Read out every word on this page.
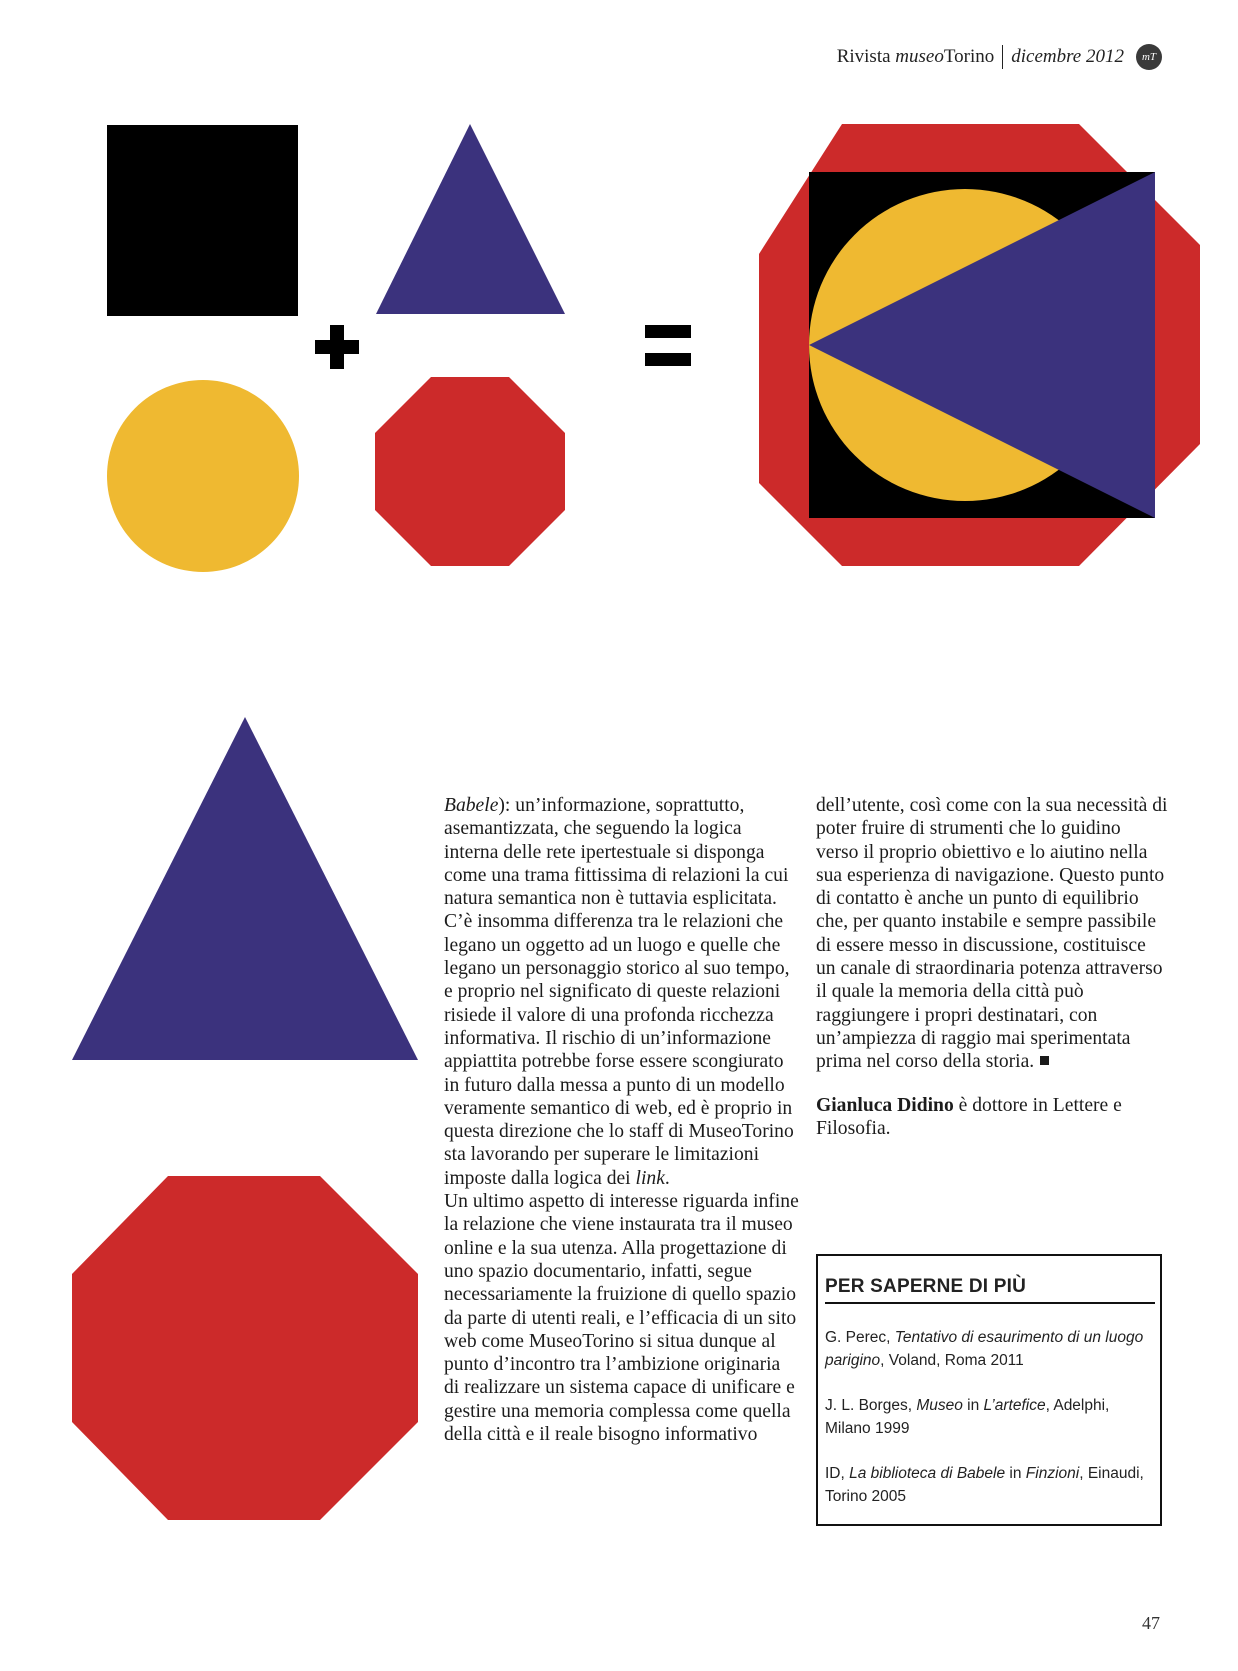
Rivista museoTorino dicembre 2012	mT

Babele): un’informazione, soprattutto, asemantizzata, che seguendo la logica interna delle rete ipertestuale si disponga come una trama fittissima di relazioni la cui natura semantica non è tuttavia esplicitata. C’è insomma differenza tra le relazioni che legano un oggetto ad un luogo e quelle che legano un personaggio storico al suo tempo, e proprio nel significato di queste relazioni risiede il valore di una profonda ricchezza informativa. Il rischio di un’informazione appiattita potrebbe forse essere scongiurato in futuro dalla messa a punto di un modello veramente semantico di web, ed è proprio in questa direzione che lo staff di MuseoTorino sta lavorando per superare le limitazioni imposte dalla logica dei link.

Un ultimo aspetto di interesse riguarda infine la relazione che viene instaurata tra il museo online e la sua utenza. Alla progettazione di uno spazio documentario, infatti, segue necessariamente la fruizione di quello spazio da parte di utenti reali, e l’efficacia di un sito web come MuseoTorino si situa dunque al punto d’incontro tra l’ambizione originaria di realizzare un sistema capace di unificare e gestire una memoria complessa come quella della città e il reale bisogno informativo

dell’utente, così come con la sua necessità di poter fruire di strumenti che lo guidino verso il proprio obiettivo e lo aiutino nella sua esperienza di navigazione. Questo punto di contatto è anche un punto di equilibrio che, per quanto instabile e sempre passibile di essere messo in discussione, costituisce un canale di straordinaria potenza attraverso il quale la memoria della città può raggiungere i propri destinatari, con un’ampiezza di raggio mai sperimentata prima nel corso della storia.

Gianluca Didino è dottore in Lettere e Filosofia.

PER SAPERNE DI PIÙ
G. Perec, Tentativo di esaurimento di un luogo parigino, Voland, Roma 2011
J. L. Borges, Museo in L’artefice, Adelphi, Milano 1999
ID, La biblioteca di Babele in Finzioni, Einaudi, Torino 2005
47
